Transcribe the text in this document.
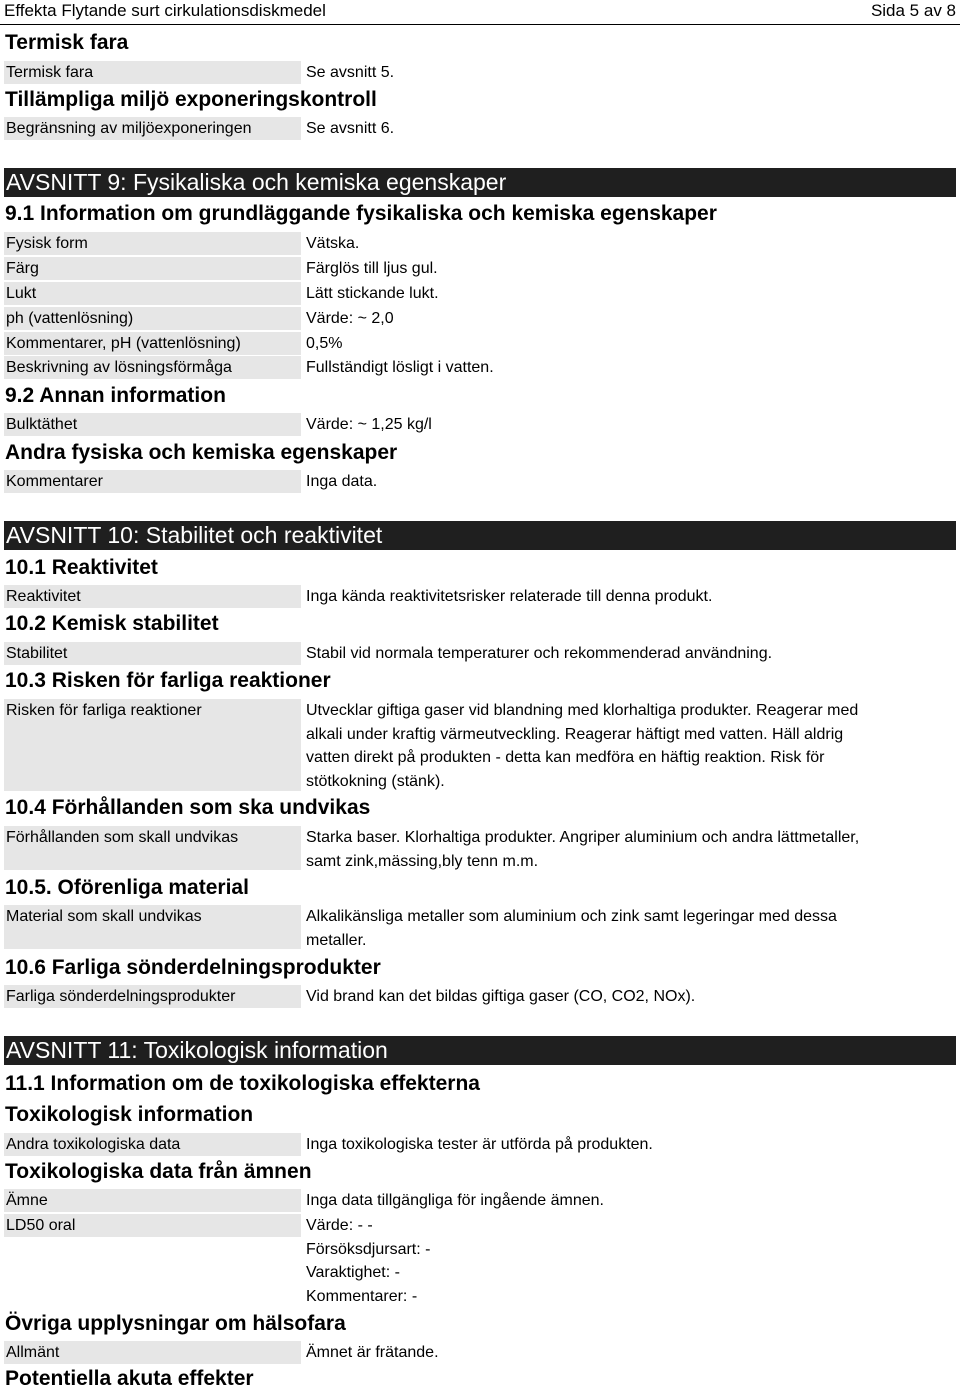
Effekta Flytande surt cirkulationsdiskmedel	Sida 5 av 8
Termisk fara
Termisk fara	Se avsnitt 5.
Tillämpliga miljö exponeringskontroll
Begränsning av miljöexponeringen	Se avsnitt 6.
AVSNITT 9: Fysikaliska och kemiska egenskaper
9.1 Information om grundläggande fysikaliska och kemiska egenskaper
Fysisk form	Vätska.
Färg	Färglös till ljus gul.
Lukt	Lätt stickande lukt.
ph (vattenlösning)	Värde: ~ 2,0
Kommentarer, pH (vattenlösning)	0,5%
Beskrivning av lösningsförmåga	Fullständigt lösligt i vatten.
9.2 Annan information
Bulktäthet	Värde: ~ 1,25 kg/l
Andra fysiska och kemiska egenskaper
Kommentarer	Inga data.
AVSNITT 10: Stabilitet och reaktivitet
10.1 Reaktivitet
Reaktivitet	Inga kända reaktivitetsrisker relaterade till denna produkt.
10.2 Kemisk stabilitet
Stabilitet	Stabil vid normala temperaturer och rekommenderad användning.
10.3 Risken för farliga reaktioner
Risken för farliga reaktioner	Utvecklar giftiga gaser vid blandning med klorhaltiga produkter. Reagerar med
alkali under kraftig värmeutveckling. Reagerar häftigt med vatten. Häll aldrig
vatten direkt på produkten - detta kan medföra en häftig reaktion. Risk för
stötkokning (stänk).
10.4 Förhållanden som ska undvikas
Förhållanden som skall undvikas	Starka baser. Klorhaltiga produkter. Angriper aluminium och andra lättmetaller,
samt zink,mässing,bly tenn m.m.
10.5. Oförenliga material
Material som skall undvikas	Alkalikänsliga metaller som aluminium och zink samt legeringar med dessa
metaller.
10.6 Farliga sönderdelningsprodukter
Farliga sönderdelningsprodukter	Vid brand kan det bildas giftiga gaser (CO, CO2, NOx).
AVSNITT 11: Toxikologisk information
11.1 Information om de toxikologiska effekterna
Toxikologisk information
Andra toxikologiska data	Inga toxikologiska tester är utförda på produkten.
Toxikologiska data från ämnen
Ämne	Inga data tillgängliga för ingående ämnen.
LD50 oral	Värde: - -
Försöksdjursart: -
Varaktighet: -
Kommentarer: -
Övriga upplysningar om hälsofara
Allmänt	Ämnet är frätande.
Potentiella akuta effekter
